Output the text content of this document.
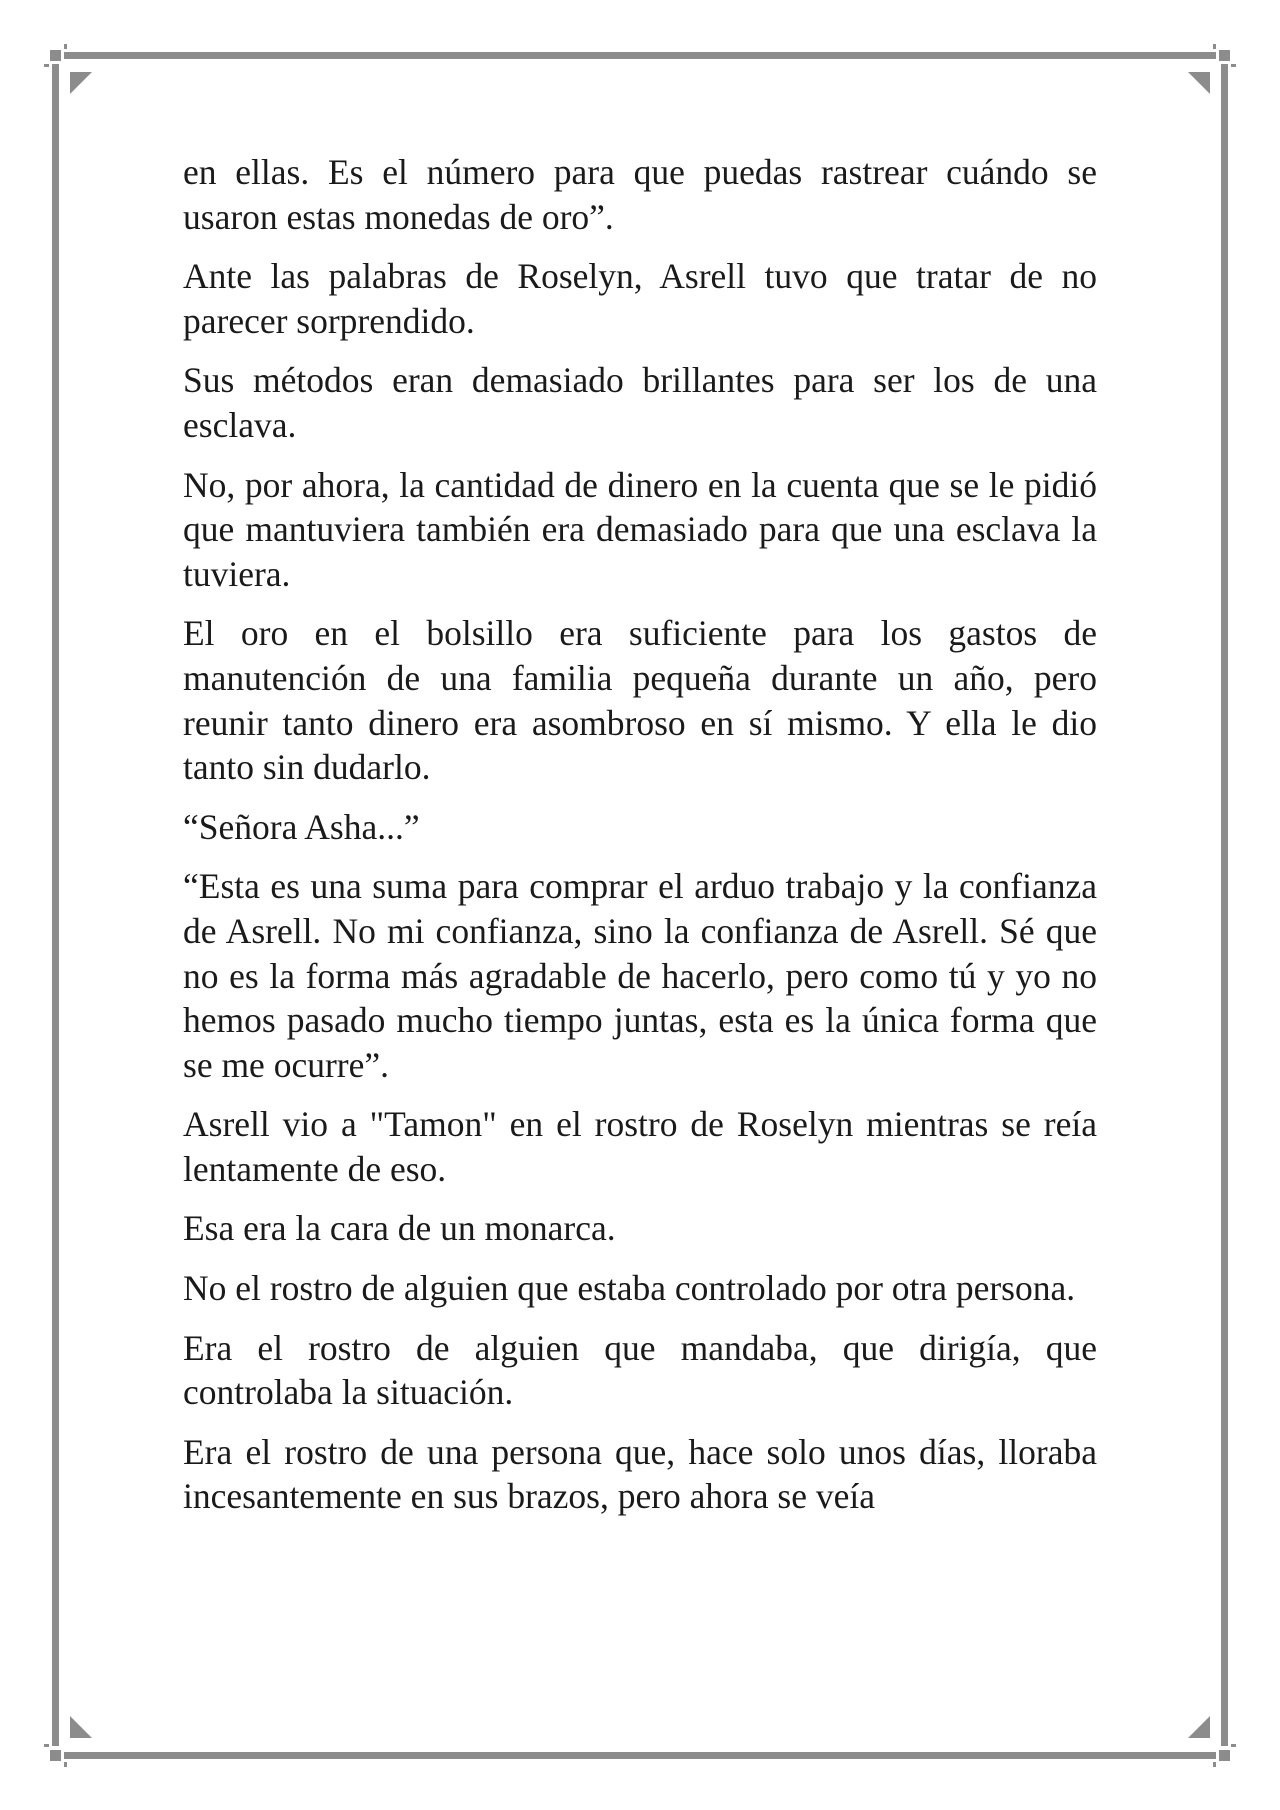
en ellas. Es el número para que puedas rastrear cuándo se usaron estas monedas de oro”.

Ante las palabras de Roselyn, Asrell tuvo que tratar de no parecer sorprendido.

Sus métodos eran demasiado brillantes para ser los de una esclava.

No, por ahora, la cantidad de dinero en la cuenta que se le pidió que mantuviera también era demasiado para que una esclava la tuviera.

El oro en el bolsillo era suficiente para los gastos de manutención de una familia pequeña durante un año, pero reunir tanto dinero era asombroso en sí mismo. Y ella le dio tanto sin dudarlo.

“Señora Asha...”

“Esta es una suma para comprar el arduo trabajo y la confianza de Asrell. No mi confianza, sino la confianza de Asrell. Sé que no es la forma más agradable de hacerlo, pero como tú y yo no hemos pasado mucho tiempo juntas, esta es la única forma que se me ocurre”.

Asrell vio a "Tamon" en el rostro de Roselyn mientras se reía lentamente de eso.

Esa era la cara de un monarca.

No el rostro de alguien que estaba controlado por otra persona.

Era el rostro de alguien que mandaba, que dirigía, que controlaba la situación.

Era el rostro de una persona que, hace solo unos días, lloraba incesantemente en sus brazos, pero ahora se veía
